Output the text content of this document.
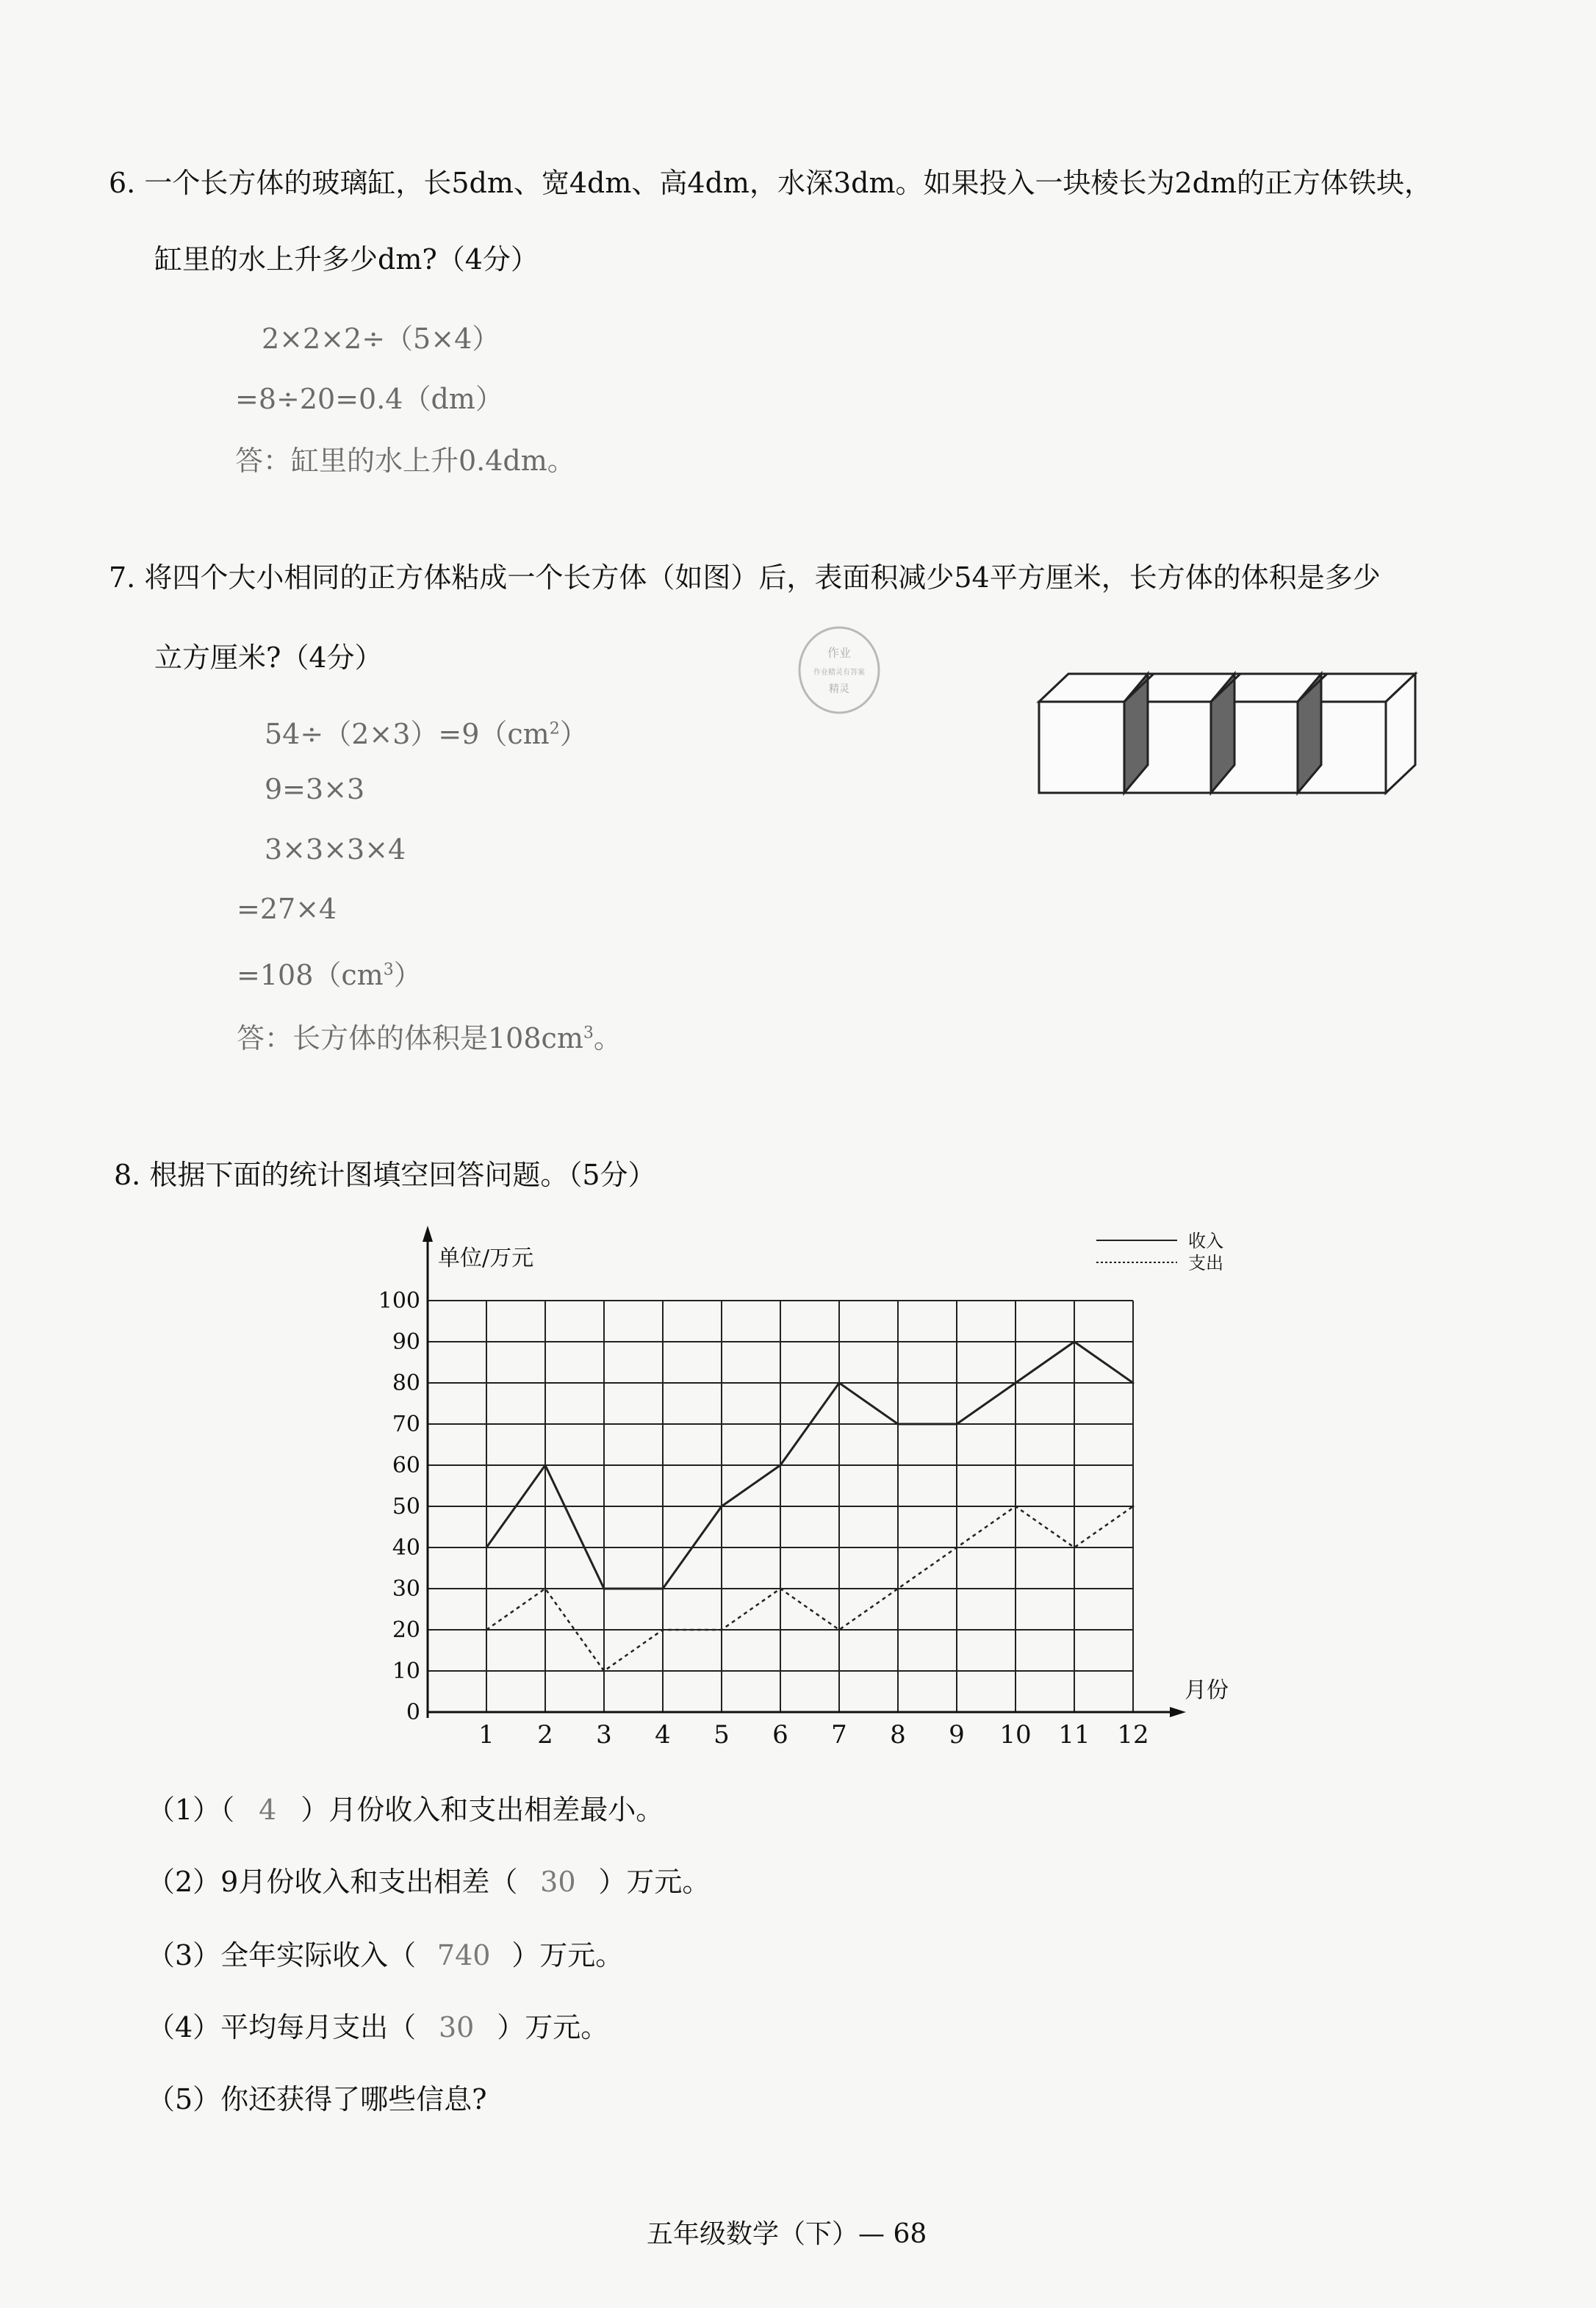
6. 一个长方体的玻璃缸，长5dm、宽4dm、高4dm，水深3dm。如果投入一块棱长为2dm的正方体铁块，
缸里的水上升多少dm?（4分）
2×2×2÷（5×4）
=8÷20=0.4（dm）
答：缸里的水上升0.4dm。
7. 将四个大小相同的正方体粘成一个长方体（如图）后，表面积减少54平方厘米，长方体的体积是多少
立方厘米?（4分）
$54\div(2\times 3)=9(cm^2)$
9=3×3
3×3×3×4
=27×4
$=108(cm^3)$
答：长方体的体积是$108cm^3$。
作业
作业精灵有答案
精灵
8. 根据下面的统计图填空回答问题。（5分）
0
10
20
30
40
50
60
70
80
90
100
1 2 3 4 5 6 7 8 9 10 11 12
单位/万元
月份
收入
支出
（1）（ 4 ）月份收入和支出相差最小。
（2）9月份收入和支出相差（ 30 ）万元。
（3）全年实际收入（ 740 ）万元。
（4）平均每月支出（ 30 ）万元。
（5）你还获得了哪些信息?
五年级数学（下）— 68
